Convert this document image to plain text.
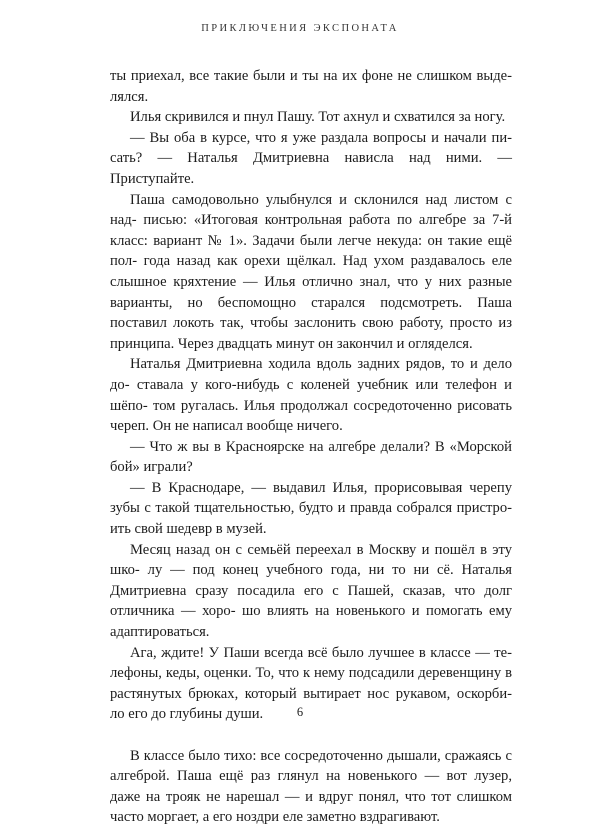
ПРИКЛЮЧЕНИЯ ЭКСПОНАТА

ты приехал, все такие были и ты на их фоне не слишком выде- лялся.

Илья скривился и пнул Пашу. Тот ахнул и схватился за ногу.

— Вы оба в курсе, что я уже раздала вопросы и начали пи- сать? — Наталья Дмитриевна нависла над ними. — Приступайте.

Паша самодовольно улыбнулся и склонился над листом с над- писью: «Итоговая контрольная работа по алгебре за 7-й класс: вариант № 1». Задачи были легче некуда: он такие ещё пол- года назад как орехи щёлкал. Над ухом раздавалось еле слышное кряхтение — Илья отлично знал, что у них разные варианты, но беспомощно старался подсмотреть. Паша поставил локоть так, чтобы заслонить свою работу, просто из принципа. Через двадцать минут он закончил и огляделся.

Наталья Дмитриевна ходила вдоль задних рядов, то и дело до- ставала у кого-нибудь с коленей учебник или телефон и шёпо- том ругалась. Илья продолжал сосредоточенно рисовать череп. Он не написал вообще ничего.

— Что ж вы в Красноярске на алгебре делали? В «Морской бой» играли?

— В Краснодаре, — выдавил Илья, прорисовывая черепу зубы с такой тщательностью, будто и правда собрался пристро- ить свой шедевр в музей.

Месяц назад он с семьёй переехал в Москву и пошёл в эту шко- лу — под конец учебного года, ни то ни сё. Наталья Дмитриевна сразу посадила его с Пашей, сказав, что долг отличника — хоро- шо влиять на новенького и помогать ему адаптироваться.

Ага, ждите! У Паши всегда всё было лучшее в классе — те- лефоны, кеды, оценки. То, что к нему подсадили деревенщину в растянутых брюках, который вытирает нос рукавом, оскорби- ло его до глубины души.

В классе было тихо: все сосредоточенно дышали, сражаясь с алгеброй. Паша ещё раз глянул на новенького — вот лузер, даже на трояк не нарешал — и вдруг понял, что тот слишком часто моргает, а его ноздри еле заметно вздрагивают.

6
